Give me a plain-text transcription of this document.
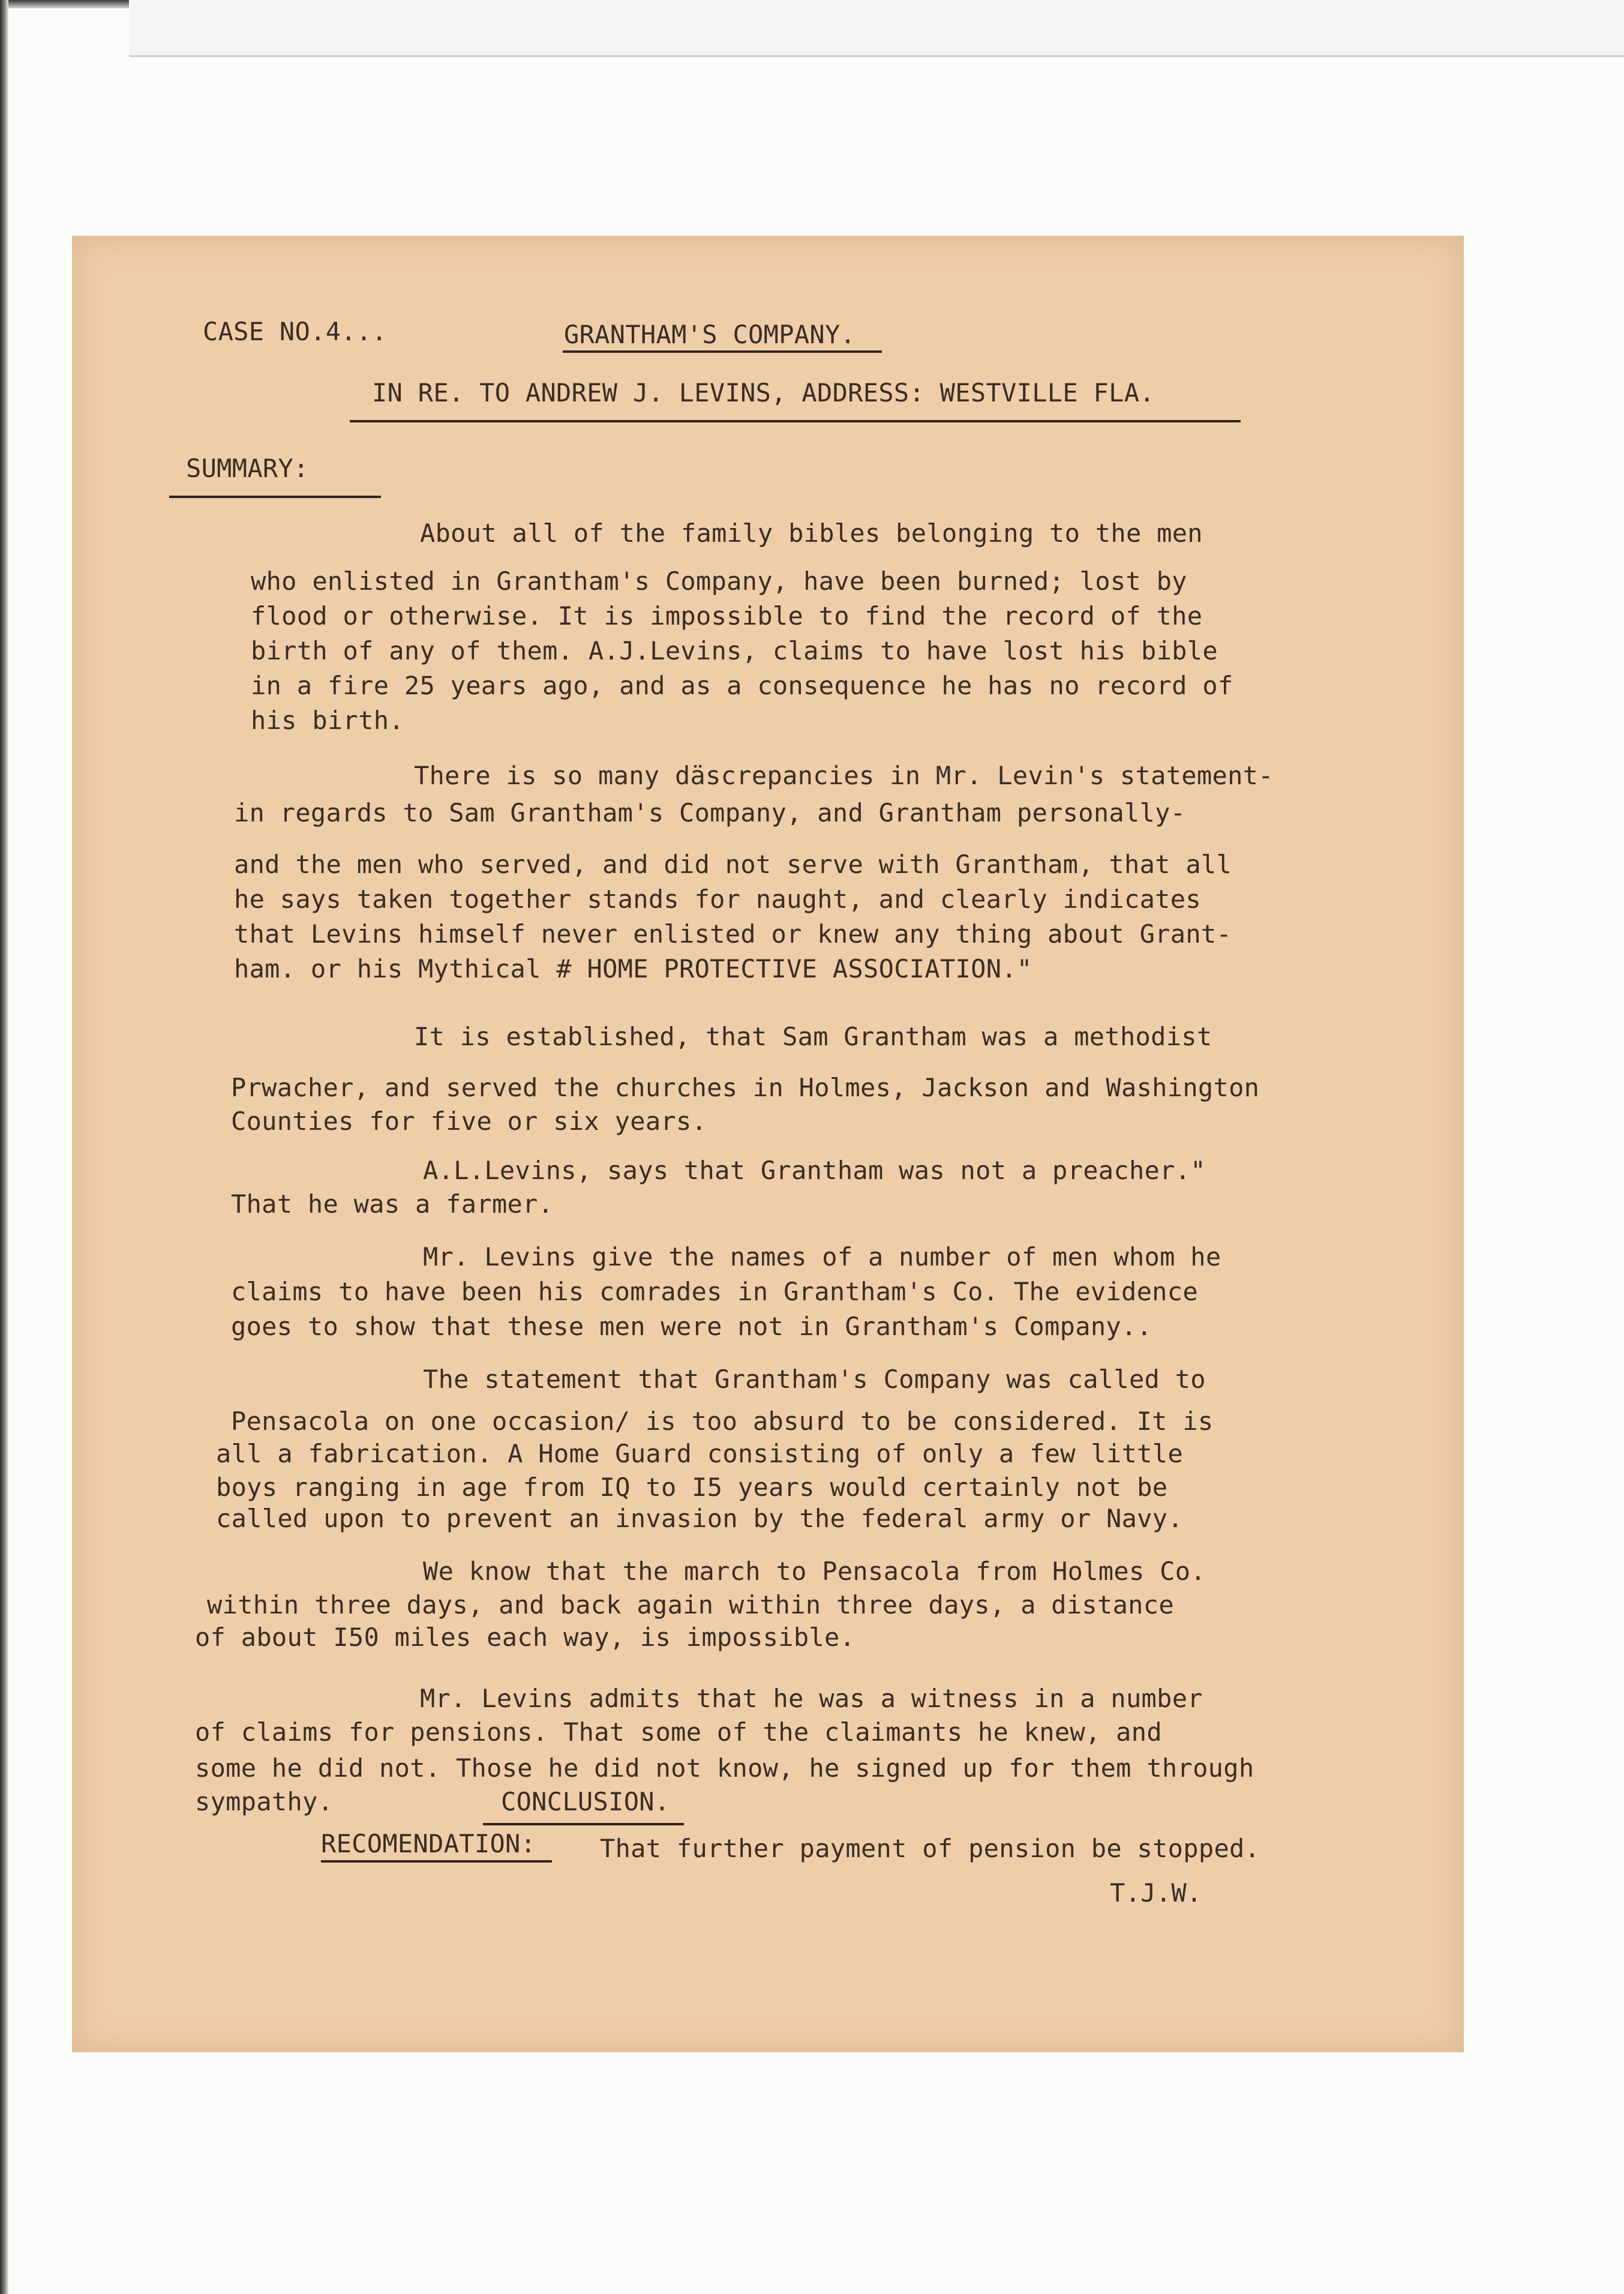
CASE NO.4...	GRANTHAM'S COMPANY.
IN RE. TO ANDREW J. LEVINS, ADDRESS: WESTVILLE FLA.
SUMMARY:
About all of the family bibles belonging to the men
who enlisted in Grantham's Company, have been burned; lost by
flood or otherwise. It is impossible to find the record of the
birth of any of them. A.J.Levins, claims to have lost his bible
in a fire 25 years ago, and as a consequence he has no record of
his birth.
There is so many däscrepancies in Mr. Levin's statement-
in regards to Sam Grantham's Company, and Grantham personally-
and the men who served, and did not serve with Grantham, that all
he says taken together stands for naught, and clearly indicates
that Levins himself never enlisted or knew any thing about Grant-
ham. or his Mythical # HOME PROTECTIVE ASSOCIATION."
It is established, that Sam Grantham was a methodist
Prwacher, and served the churches in Holmes, Jackson and Washington
Counties for five or six years.
A.L.Levins, says that Grantham was not a preacher."
That he was a farmer.
Mr. Levins give the names of a number of men whom he
claims to have been his comrades in Grantham's Co. The evidence
goes to show that these men were not in Grantham's Company..
The statement that Grantham's Company was called to
Pensacola on one occasion/ is too absurd to be considered. It is
all a fabrication. A Home Guard consisting of only a few little
boys ranging in age from IQ to I5 years would certainly not be
called upon to prevent an invasion by the federal army or Navy.
We know that the march to Pensacola from Holmes Co.
within three days, and back again within three days, a distance
of about I50 miles each way, is impossible.
Mr. Levins admits that he was a witness in a number
of claims for pensions. That some of the claimants he knew, and
some he did not. Those he did not know, he signed up for them through
sympathy.	CONCLUSION.
RECOMENDATION:	That further payment of pension be stopped.
T.J.W.
